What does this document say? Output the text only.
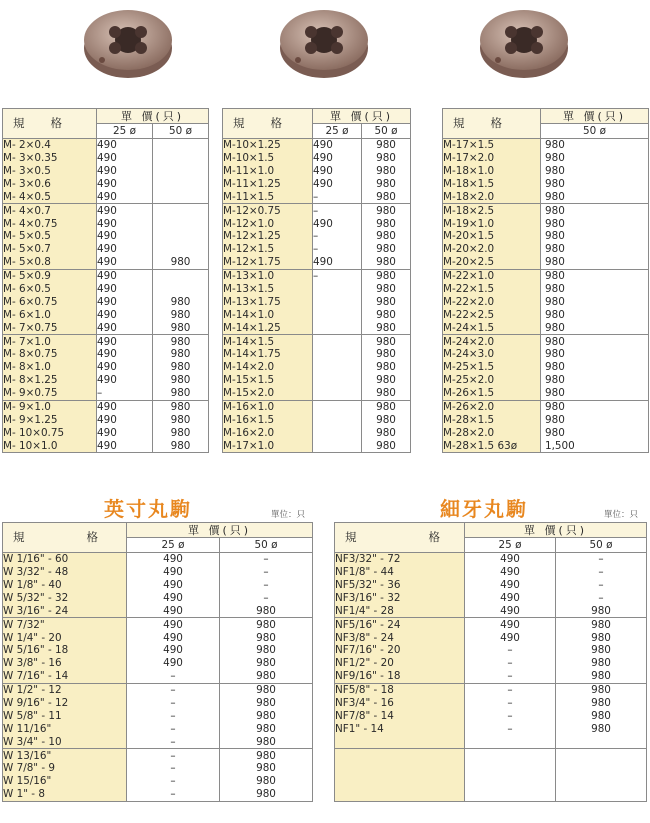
規 格	單 價(只)	
	25 ø	50 ø
M- 2×0.4	490	
M- 3×0.35	490	
M- 3×0.5	490	
M- 3×0.6	490	
M- 4×0.5	490	
M- 4×0.7	490	
M- 4×0.75	490	
M- 5×0.5	490	
M- 5×0.7	490	
M- 5×0.8	490	980
M- 5×0.9	490	
M- 6×0.5	490	
M- 6×0.75	490	980
M- 6×1.0	490	980
M- 7×0.75	490	980
M- 7×1.0	490	980
M- 8×0.75	490	980
M- 8×1.0	490	980
M- 8×1.25	490	980
M- 9×0.75	–	980
M- 9×1.0	490	980
M- 9×1.25	490	980
M- 10×0.75	490	980
M- 10×1.0	490	980
規 格	單 價(只)	
	25 ø	50 ø
M-10×1.25	490	980
M-10×1.5	490	980
M-11×1.0	490	980
M-11×1.25	490	980
M-11×1.5	–	980
M-12×0.75	–	980
M-12×1.0	490	980
M-12×1.25	–	980
M-12×1.5	–	980
M-12×1.75	490	980
M-13×1.0	–	980
M-13×1.5		980
M-13×1.75		980
M-14×1.0		980
M-14×1.25		980
M-14×1.5		980
M-14×1.75		980
M-14×2.0		980
M-15×1.5		980
M-15×2.0		980
M-16×1.0		980
M-16×1.5		980
M-16×2.0		980
M-17×1.0		980
規 格	單 價(只)
	50 ø
M-17×1.5	980
M-17×2.0	980
M-18×1.0	980
M-18×1.5	980
M-18×2.0	980
M-18×2.5	980
M-19×1.0	980
M-20×1.5	980
M-20×2.0	980
M-20×2.5	980
M-22×1.0	980
M-22×1.5	980
M-22×2.0	980
M-22×2.5	980
M-24×1.5	980
M-24×2.0	980
M-24×3.0	980
M-25×1.5	980
M-25×2.0	980
M-26×1.5	980
M-26×2.0	980
M-28×1.5	980
M-28×2.0	980
M-28×1.5 63ø	1,500
英寸丸駒	單位：只	細牙丸駒	單位：只
規 格	單 價(只)	
	25 ø	50 ø
W 1/16" - 60	490	–
W 3/32" - 48	490	–
W 1/8" - 40	490	–
W 5/32" - 32	490	–
W 3/16" - 24	490	980
W 7/32"	490	980
W 1/4" - 20	490	980
W 5/16" - 18	490	980
W 3/8" - 16	490	980
W 7/16" - 14	–	980
W 1/2" - 12	–	980
W 9/16" - 12	–	980
W 5/8" - 11	–	980
W 11/16"	–	980
W 3/4" - 10	–	980
W 13/16"	–	980
W 7/8" - 9	–	980
W 15/16"	–	980
W 1" - 8	–	980
規 格	單 價(只)	
	25 ø	50 ø
NF3/32" - 72	490	–
NF1/8" - 44	490	–
NF5/32" - 36	490	–
NF3/16" - 32	490	–
NF1/4" - 28	490	980
NF5/16" - 24	490	980
NF3/8" - 24	490	980
NF7/16" - 20	–	980
NF1/2" - 20	–	980
NF9/16" - 18	–	980
NF5/8" - 18	–	980
NF3/4" - 16	–	980
NF7/8" - 14	–	980
NF1" - 14	–	980
